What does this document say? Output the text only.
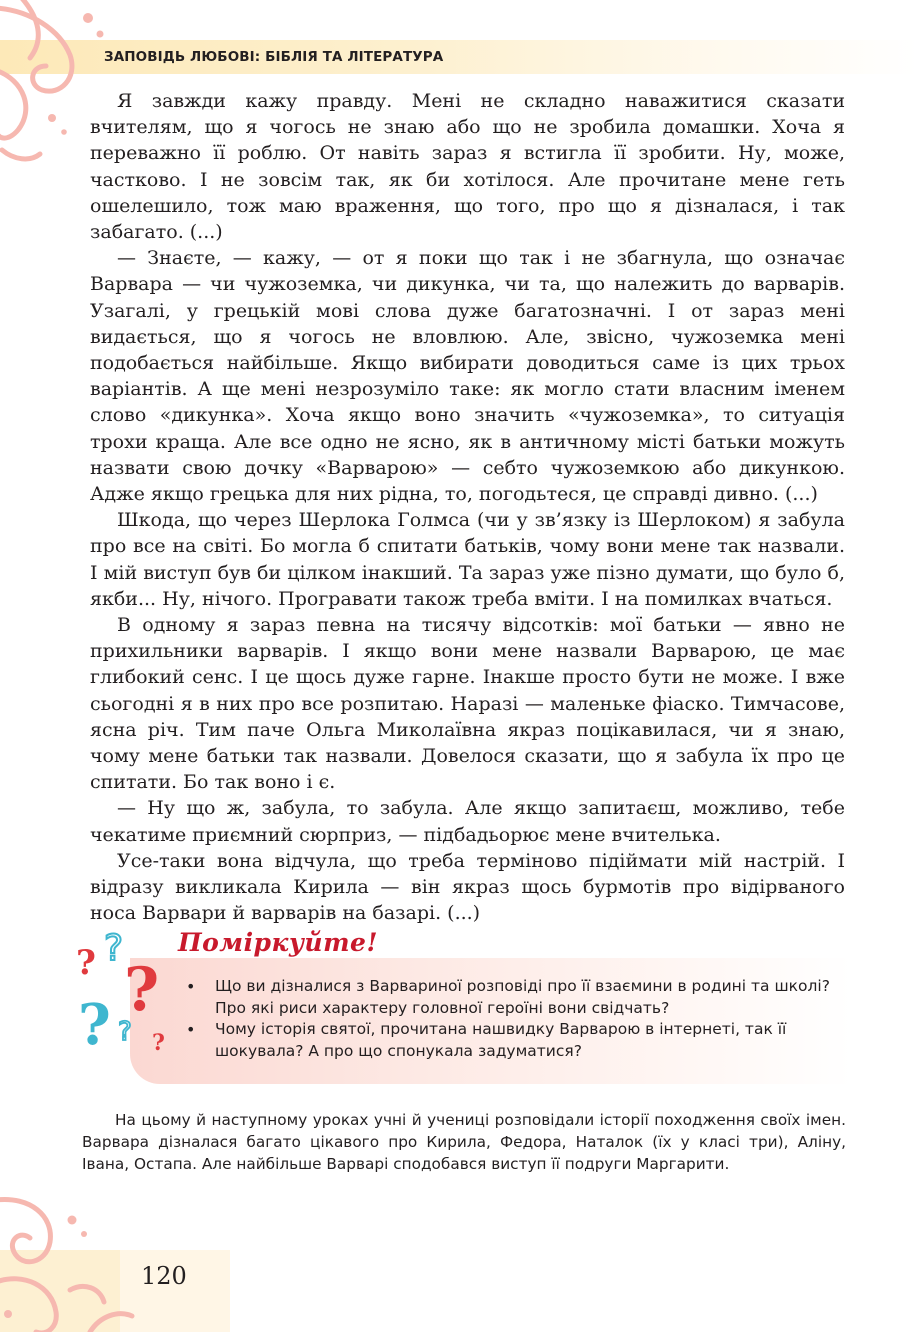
ЗАПОВІДЬ ЛЮБОВІ: БІБЛІЯ ТА ЛІТЕРАТУРА

Я завжди кажу правду. Мені не складно наважитися сказати вчителям, що я чогось не знаю або що не зробила домашки. Хоча я переважно її роблю. От навіть зараз я встигла її зробити. Ну, може, частково. І не зовсім так, як би хотілося. Але прочитане мене геть ошелешило, тож маю враження, що того, про що я дізналася, і так забагато. (...)

— Знаєте, — кажу, — от я поки що так і не збагнула, що означає Варвара — чи чужоземка, чи дикунка, чи та, що належить до варварів. Узагалі, у грецькій мові слова дуже багатозначні. І от зараз мені видається, що я чогось не вловлюю. Але, звісно, чужоземка мені подобається найбільше. Якщо вибирати доводиться саме із цих трьох варіантів. А ще мені незрозуміло таке: як могло стати власним іменем слово «дикунка». Хоча якщо воно значить «чужоземка», то ситуація трохи краща. Але все одно не ясно, як в античному місті батьки можуть назвати свою дочку «Варварою» — себто чужоземкою або дикункою. Адже якщо грецька для них рідна, то, погодьтеся, це справді дивно. (...)

Шкода, що через Шерлока Голмса (чи у зв’язку із Шерлоком) я забула про все на світі. Бо могла б спитати батьків, чому вони мене так назвали. І мій виступ був би цілком інакший. Та зараз уже пізно думати, що було б, якби... Ну, нічого. Програвати також треба вміти. І на помилках вчаться.

В одному я зараз певна на тисячу відсотків: мої батьки — явно не прихильники варварів. І якщо вони мене назвали Варварою, це має глибокий сенс. І це щось дуже гарне. Інакше просто бути не може. І вже сьогодні я в них про все розпитаю. Наразі — маленьке фіаско. Тимчасове, ясна річ. Тим паче Ольга Миколаївна якраз поцікавилася, чи я знаю, чому мене батьки так назвали. Довелося сказати, що я забула їх про це спитати. Бо так воно і є.

— Ну що ж, забула, то забула. Але якщо запитаєш, можливо, тебе чекатиме приємний сюрприз, — підбадьорює мене вчителька.

Усе-таки вона відчула, що треба терміново підіймати мій настрій. І відразу викликала Кирила — він якраз щось бурмотів про відірваного носа Варвари й варварів на базарі. (...)

? ?
?
? ? ?
Поміркуйте!
• Що ви дізналися з Варвариної розповіді про її взаємини в родині та школі? Про які риси характеру головної героїні вони свідчать?
• Чому історія святої, прочитана нашвидку Варварою в інтернеті, так її шокувала? А про що спонукала задуматися?

На цьому й наступному уроках учні й учениці розповідали історії походження своїх імен. Варвара дізналася багато цікавого про Кирила, Федора, Наталок (їх у класі три), Аліну, Івана, Остапа. Але найбільше Варварі сподобався виступ її подруги Маргарити.

120
